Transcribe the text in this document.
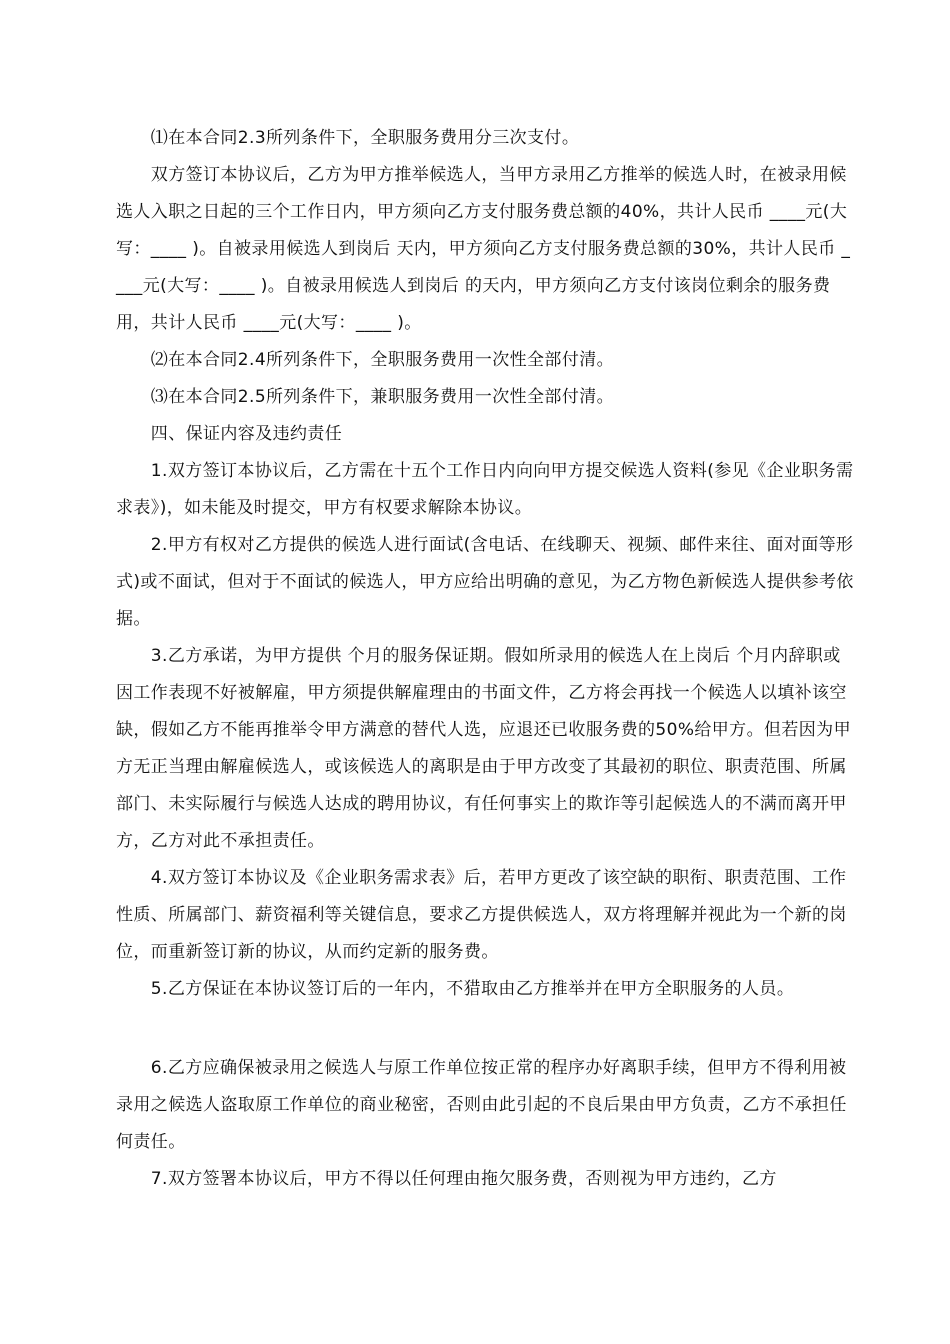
　　⑴在本合同2.3所列条件下，全职服务费用分三次支付。

　　双方签订本协议后，乙方为甲方推举候选人，当甲方录用乙方推举的候选人时，在被录用候选人入职之日起的三个工作日内，甲方须向乙方支付服务费总额的40%，共计人民币 ____元(大写：____ )。自被录用候选人到岗后 天内，甲方须向乙方支付服务费总额的30%，共计人民币 ____元(大写：____ )。自被录用候选人到岗后 的天内，甲方须向乙方支付该岗位剩余的服务费用，共计人民币 ____元(大写：____ )。

　　⑵在本合同2.4所列条件下，全职服务费用一次性全部付清。

　　⑶在本合同2.5所列条件下，兼职服务费用一次性全部付清。

　　四、保证内容及违约责任

　　1.双方签订本协议后，乙方需在十五个工作日内向向甲方提交候选人资料(参见《企业职务需求表》)，如未能及时提交，甲方有权要求解除本协议。

　　2.甲方有权对乙方提供的候选人进行面试(含电话、在线聊天、视频、邮件来往、面对面等形式)或不面试，但对于不面试的候选人，甲方应给出明确的意见，为乙方物色新候选人提供参考依据。

　　3.乙方承诺，为甲方提供 个月的服务保证期。假如所录用的候选人在上岗后 个月内辞职或因工作表现不好被解雇，甲方须提供解雇理由的书面文件，乙方将会再找一个候选人以填补该空缺，假如乙方不能再推举令甲方满意的替代人选，应退还已收服务费的50%给甲方。但若因为甲方无正当理由解雇候选人，或该候选人的离职是由于甲方改变了其最初的职位、职责范围、所属部门、未实际履行与候选人达成的聘用协议，有任何事实上的欺诈等引起候选人的不满而离开甲方，乙方对此不承担责任。

　　4.双方签订本协议及《企业职务需求表》后，若甲方更改了该空缺的职衔、职责范围、工作性质、所属部门、薪资福利等关键信息，要求乙方提供候选人，双方将理解并视此为一个新的岗位，而重新签订新的协议，从而约定新的服务费。

　　5.乙方保证在本协议签订后的一年内，不猎取由乙方推举并在甲方全职服务的人员。

　　6.乙方应确保被录用之候选人与原工作单位按正常的程序办好离职手续，但甲方不得利用被录用之候选人盗取原工作单位的商业秘密，否则由此引起的不良后果由甲方负责，乙方不承担任何责任。

　　7.双方签署本协议后，甲方不得以任何理由拖欠服务费，否则视为甲方违约，乙方
